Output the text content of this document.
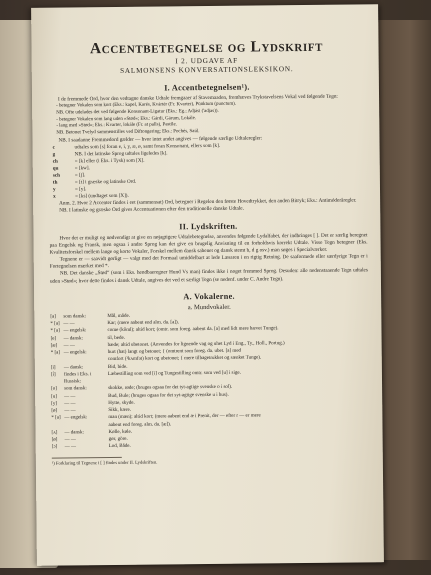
Accentbetegnelse og Lydskrift

I 2. UDGAVE AF

SALMONSENS KONVERSATIONSLEKSIKON.

I. Accentbetegnelsen¹).

I de fremmede Ord, hvor den vedtagne danske Udtale fremgaaer af Stavemaaden, fremhæves Trykstavelsens Vokal ved følgende Tegn:

- betegner Vokalen som kort (Eks.: kapel, Karés, Kvártér (Fr. Kvarter), Pünktum (punctum).

NB. Ofte udelades det ved følgende Konsonant-Ligatur (Eks.: Eg.; Adjási ('adjas)).

- betegner Vokalen som lang uden »Stød«; Eks.: Gárdi, Gárum, Lokále.

- lang med »Stød«; Eks.: Kvarter, lokále (Fr. at palls), Pastíle.

NB. Betonet Tvelyd sammenstilles ved Diftongering; Eks.: Pochés, Saúl.

NB. I saadanne Fremmedord gælder — hvor intet andet angives — følgende særlige Udtaleregler:

c	udtales som [s] foran e, i, y, æ, ø, samt foran Konsonant, ellers som [k].
g	NB. I det latinske Sprog udtales ligeledes [k].
ch	= [k] eller (i Eks. i Tysk) som [X].
qu	= [kw].
sch	= [ʃ].
th	= [t] i græske og latinske Ord.
y	= [y].
x	= [ks] (undtaget som [X]).

Anm. 2. Hvor 2 Accenter findes i eet (sammensat) Ord, betegner i Regelen den første Hovedtrykket, den anden Bitryk; Eks.: Antimóderåregler.

NB. I latinske og græske Ord gives Accentuationen efter den traditionelle danske Udtale.

II. Lydskriften.

Hvor det er muligt og nødvendigt at give en nøjagtigere Udtalebetegnelse, anvendes følgende Lydalfabet, der indbringes [ ]. Det er særlig beregnet paa Engelsk og Fransk, men ogsaa i andre Sprog kan det give en brugelig Anvisning til en forholdsvis korrekt Udtale. Visse Tegn betegner (Eks. Kvalitetsforskel mellem lange og korte Vokaler, Forskel mellem dansk sabenet og dansk stemt b, d g osv.) man søges i Specialværker.

Tegnene er — saavidt gørligt — valgt med det Formaal umiddelbart at lede Læsaren i en rigtig Retning. De saaformede eller særdyrige Tegn er i Fortegnelsen mærket med *.

NB. Det danske „Stød“ (som i Eks. hendbaeregner Hund Vs man) findes ikke i noget fremmed Sprog. Desuden: alle nedenstaaende Tegn udtales uden »Stød«; hvor dette findes i dansk Udtale, angives det ved et særligt Tegn (se nedenf. under C. Andre Tegn).

A. Vokalerne.
a. Mundvokaler.
[a]	som dansk:	Mål, måde.
* [a] — —	Kar; (mere aabent end alm. da. [a]).
* [a] — engelsk:	come (kôml); altid kort; (omtr. som foreg. aabent da. [a] med lidt mere hævet Tunge).
[e]	— dansk:	til, bede.
[æ]	— —	bæde; altid ubetonet. (Anvendes for lignende vag og uhet Lyd i Eng., Ty., Holl., Portug.)
* [a] — engelsk:	hurt (hat) langt og betonet; { (omtrent som foreg. da. ubet. [a] med
comfort (¹kʌmfət) kort og ubetonet; { mere tilbagetrukket og sænket Tunge).
[i]	— dansk:	Bid, bide.
[i̇]	findes i Eks. i Russisk:
Læbestilling som ved [i] og Tungestilling omtr. som ved [u] i sige.
[o]	som dansk:	skokke, røde; (bruges ogsaa for det tyt-agtige svenske o i sol).
[u]	— —	Bud, Bule; (bruges ogsaa for det syt-agtige svenske u i hus).
[y]	— —	Hytte, skyde.
[ø]	— —	Sikk, kære.
* [a] — engelsk:	man (mæn); altid kort; (mere aabent end æ i Prenit, der — efter r — er mere
aabent end foreg. alm. da. [æ]).
[ʌ]	— dansk:	Kølle, køle.
[ø]	— —	gør, göre.
[ɔ]	— —	Lod, Både.
¹) Forklaring til Tegnene i [ ] findes under II. Lydskriften.
